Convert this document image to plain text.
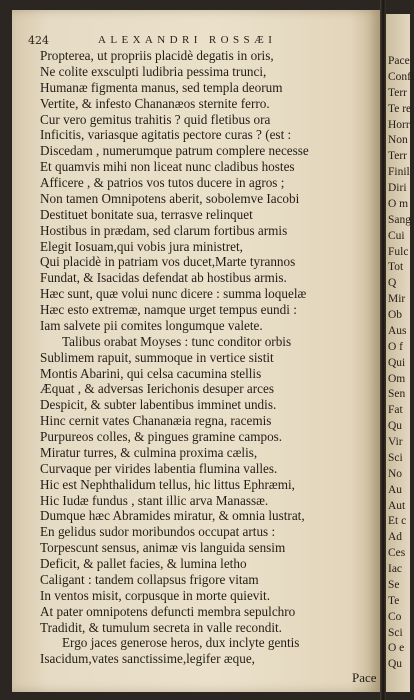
424	ALEXANDRI ROSSÆI
Propterea, ut propriis placidè degatis in oris,
Ne colite exsculpti ludibria pessima trunci,
Humanæ figmenta manus, sed templa deorum
Vertite, & infesto Chananæos sternite ferro.
Cur vero gemitus trahitis ? quid fletibus ora
Inficitis, variasque agitatis pectore curas ? (est :
Discedam , numerumque patrum complere necesse
Et quamvis mihi non liceat nunc cladibus hostes
Afficere , & patrios vos tutos ducere in agros ;
Non tamen Omnipotens aberit, sobolemve Iacobi
Destituet bonitate sua, terrasve relinquet
Hostibus in prædam, sed clarum fortibus armis
Elegit Iosuam,qui vobis jura ministret,
Qui placidè in patriam vos ducet,Marte tyrannos
Fundat, & Isacidas defendat ab hostibus armis.
Hæc sunt, quæ volui nunc dicere : summa loquelæ
Hæc esto extremæ, namque urget tempus eundi :
Iam salvete pii comites longumque valete.
Talibus orabat Moyses : tunc conditor orbis
Sublimem rapuit, summoque in vertice sistit
Montis Abarini, qui celsa cacumina stellis
Æquat , & adversas Ierichonis desuper arces
Despicit, & subter labentibus imminet undis.
Hinc cernit vates Chananæia regna, racemis
Purpureos colles, & pingues gramine campos.
Miratur turres, & culmina proxima cælis,
Curvaque per virides labentia flumina valles.
Hic est Nephthalidum tellus, hic littus Ephræmi,
Hic Iudæ fundus , stant illic arva Manassæ.
Dumque hæc Abramides miratur, & omnia lustrat,
En gelidus sudor moribundos occupat artus :
Torpescunt sensus, animæ vis languida sensim
Deficit, & pallet facies, & lumina letho
Caligant : tandem collapsus frigore vitam
In ventos misit, corpusque in morte quievit.
At pater omnipotens defuncti membra sepulchro
Tradidit, & tumulum secreta in valle recondit.
Ergo jaces generose heros, dux inclyte gentis
Isacidum,vates sanctissime,legifer æque,
Pace
Pace
Confi
Terr
Te re
Horr
Non
Terr
Finil
Diri
O m
Sang
Cui
Fulc
Tot
Q
Mir
Ob
Aus
O f
Qui
Om
Sen
Fat
Qu
Vir
Sci
No
Au
Aut
Et c
Ad
Ces
Iac
Se
Te
Co
Sci
O e
Qu
